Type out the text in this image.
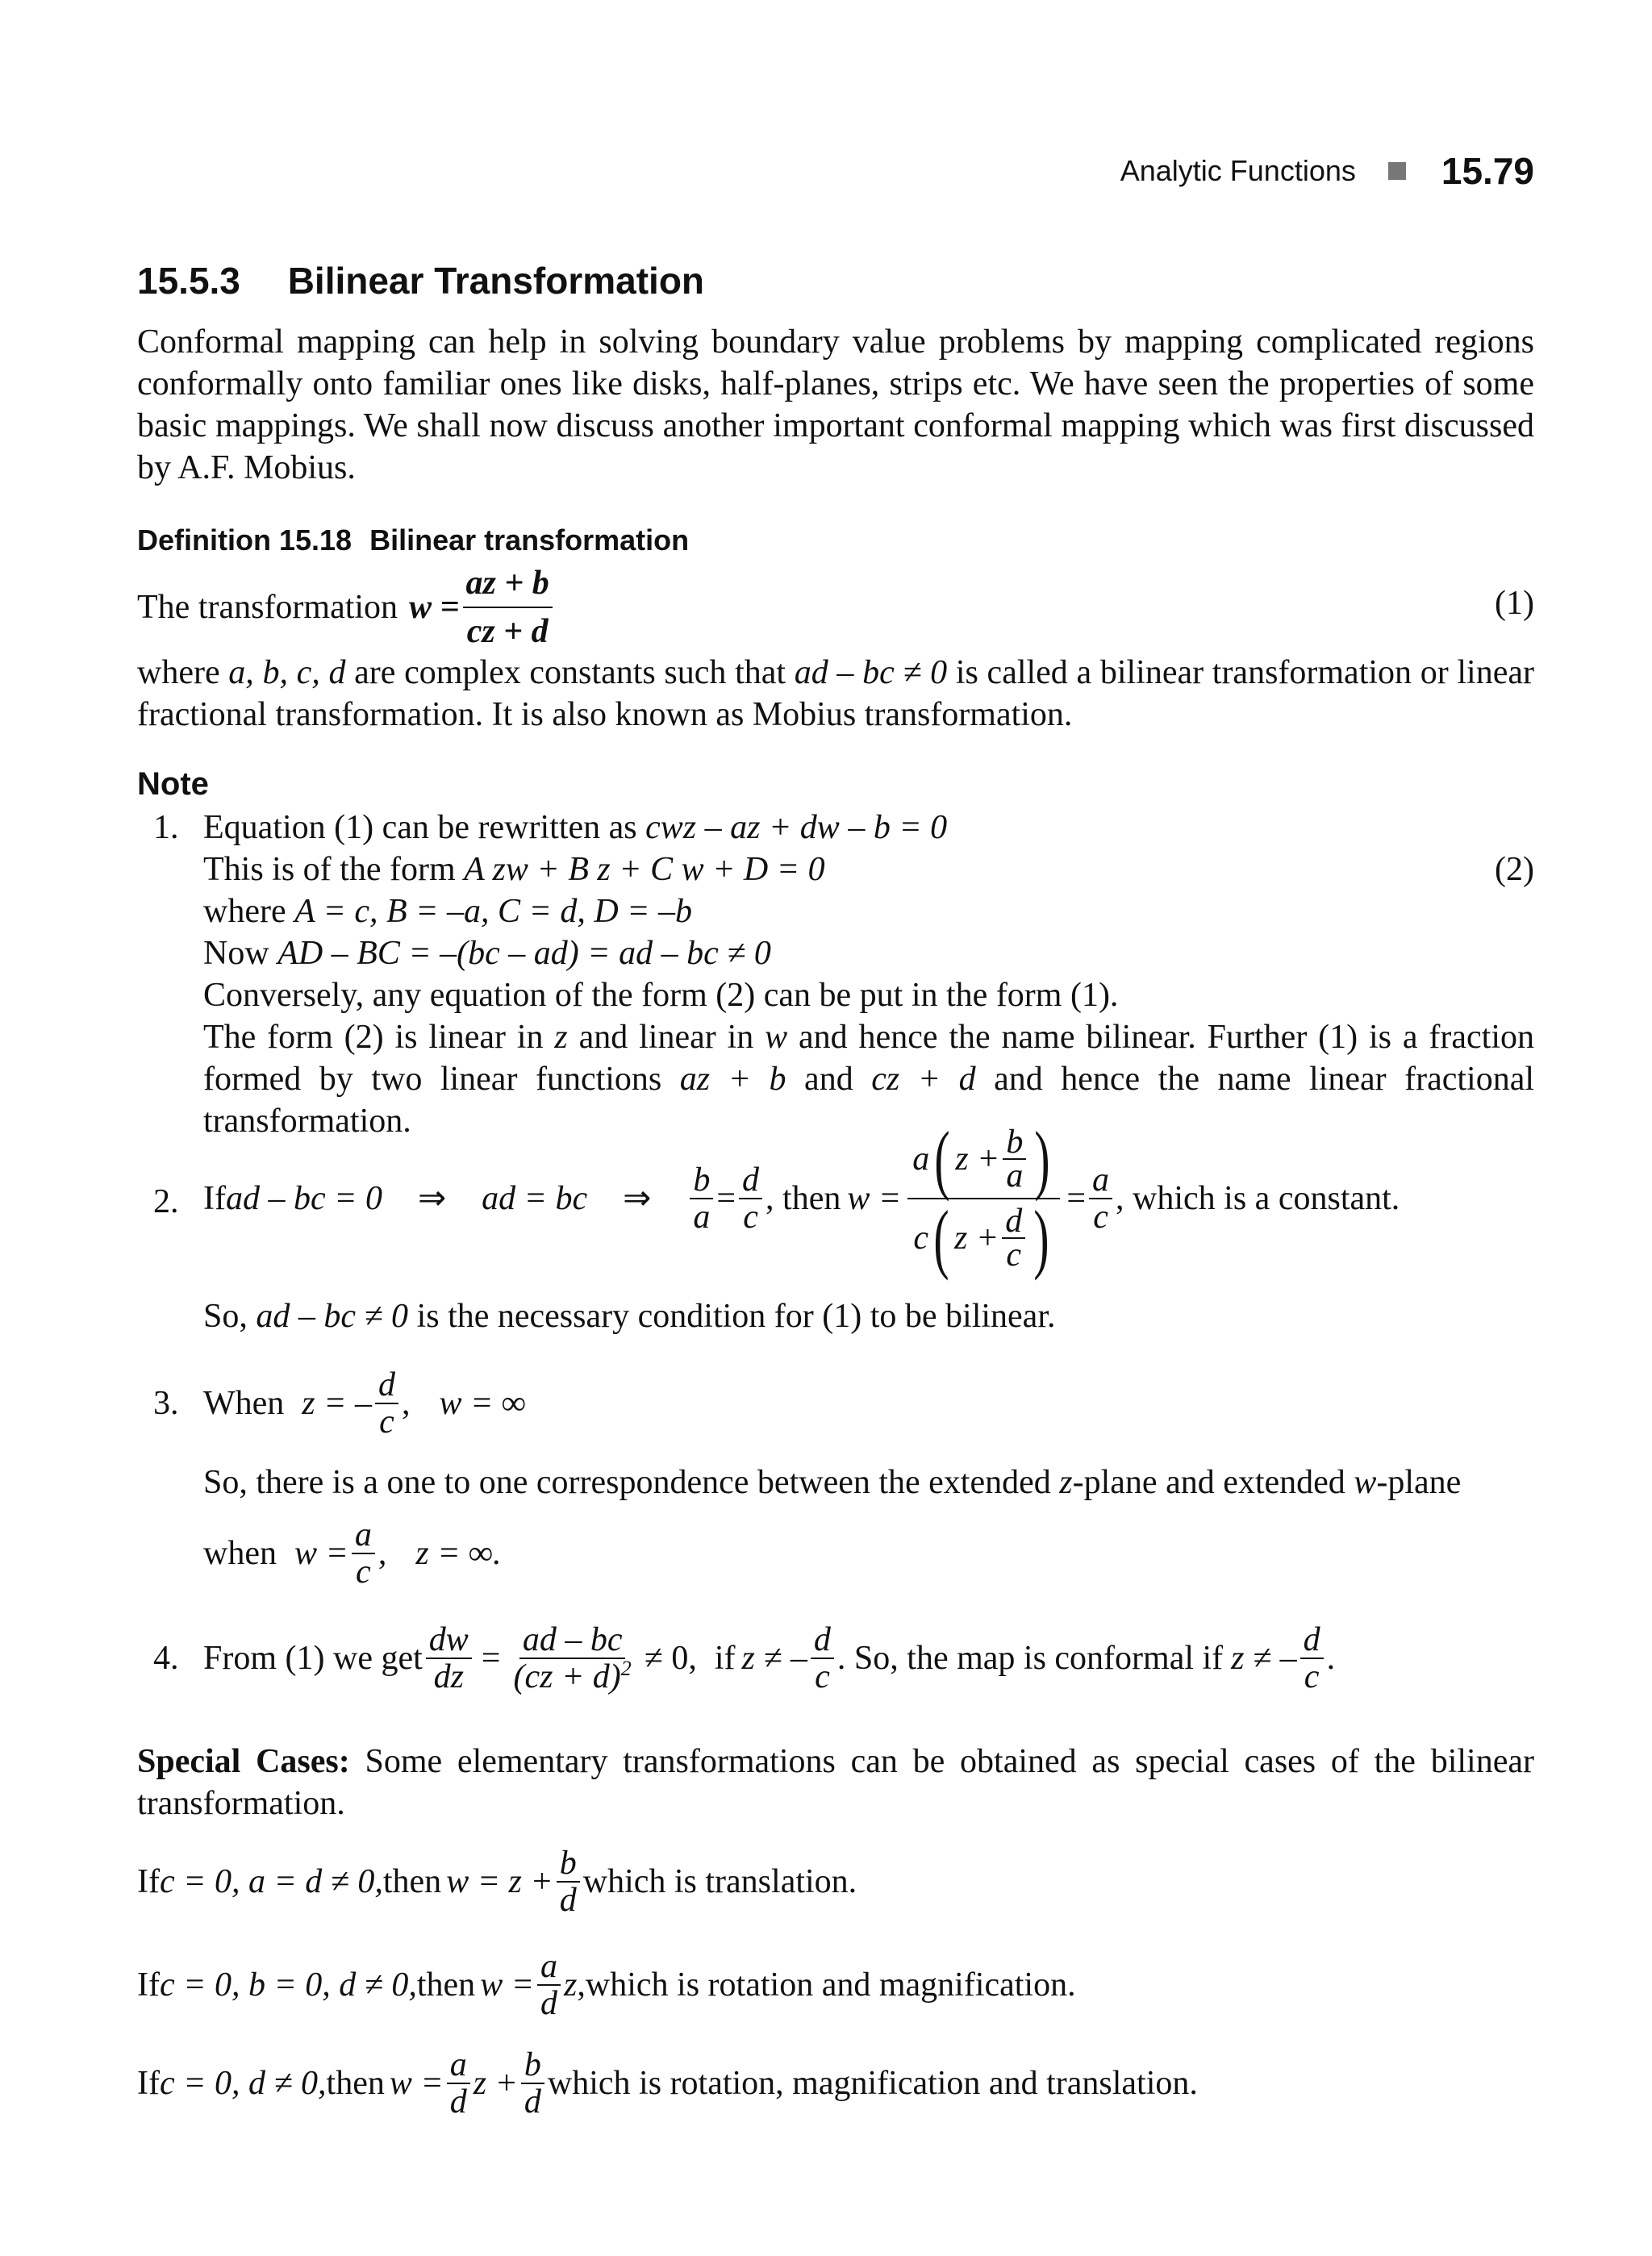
Analytic Functions 15.79
15.5.3 Bilinear Transformation
Conformal mapping can help in solving boundary value problems by mapping complicated regions conformally onto familiar ones like disks, half-planes, strips etc. We have seen the properties of some basic mappings. We shall now discuss another important conformal mapping which was first discussed by A.F. Mobius.
Definition 15.18 Bilinear transformation
The transformation $w = \frac{az + b}{cz + d}$	(1)
where a, b, c, d are complex constants such that ad – bc ≠ 0 is called a bilinear transformation or linear fractional transformation. It is also known as Mobius transformation.
Note
1. Equation (1) can be rewritten as cwz – az + dw – b = 0
This is of the form A zw + B z + C w + D = 0	(2)
where A = c, B = –a, C = d, D = –b
Now AD – BC = –(bc – ad) = ad – bc ≠ 0
Conversely, any equation of the form (2) can be put in the form (1).
The form (2) is linear in z and linear in w and hence the name bilinear. Further (1) is a fraction formed by two linear functions az + b and cz + d and hence the name linear fractional transformation.
2. If ad – bc = 0 ⇒ ad = bc ⇒ $\frac{b}{a} = \frac{d}{c}$ , then $w = \frac{a ( z + \frac{b}{a} )}{c ( z + \frac{d}{c} )} = \frac{a}{c}$ , which is a constant.
So, ad – bc ≠ 0 is the necessary condition for (1) to be bilinear.
3. When z = – $\frac{d}{c}$ , w = ∞
So, there is a one to one correspondence between the extended z-plane and extended w-plane
when $w = \frac{a}{c}$ , z = ∞.
4. From (1) we get $\frac{dw}{dz} = \frac{ad - bc}{(cz + d)^2} \ne 0$, if z ≠ – $\frac{d}{c}$ . So, the map is conformal if z ≠ – $\frac{d}{c}$ .
Special Cases: Some elementary transformations can be obtained as special cases of the bilinear transformation.
If c = 0, a = d ≠ 0, then $w = z + \frac{b}{d}$ which is translation.
If c = 0, b = 0, d ≠ 0, then $w = \frac{a}{d}$ z ,which is rotation and magnification.
If c = 0, d ≠ 0, then $w = \frac{a}{d}$ $z + \frac{b}{d}$ which is rotation, magnification and translation.
